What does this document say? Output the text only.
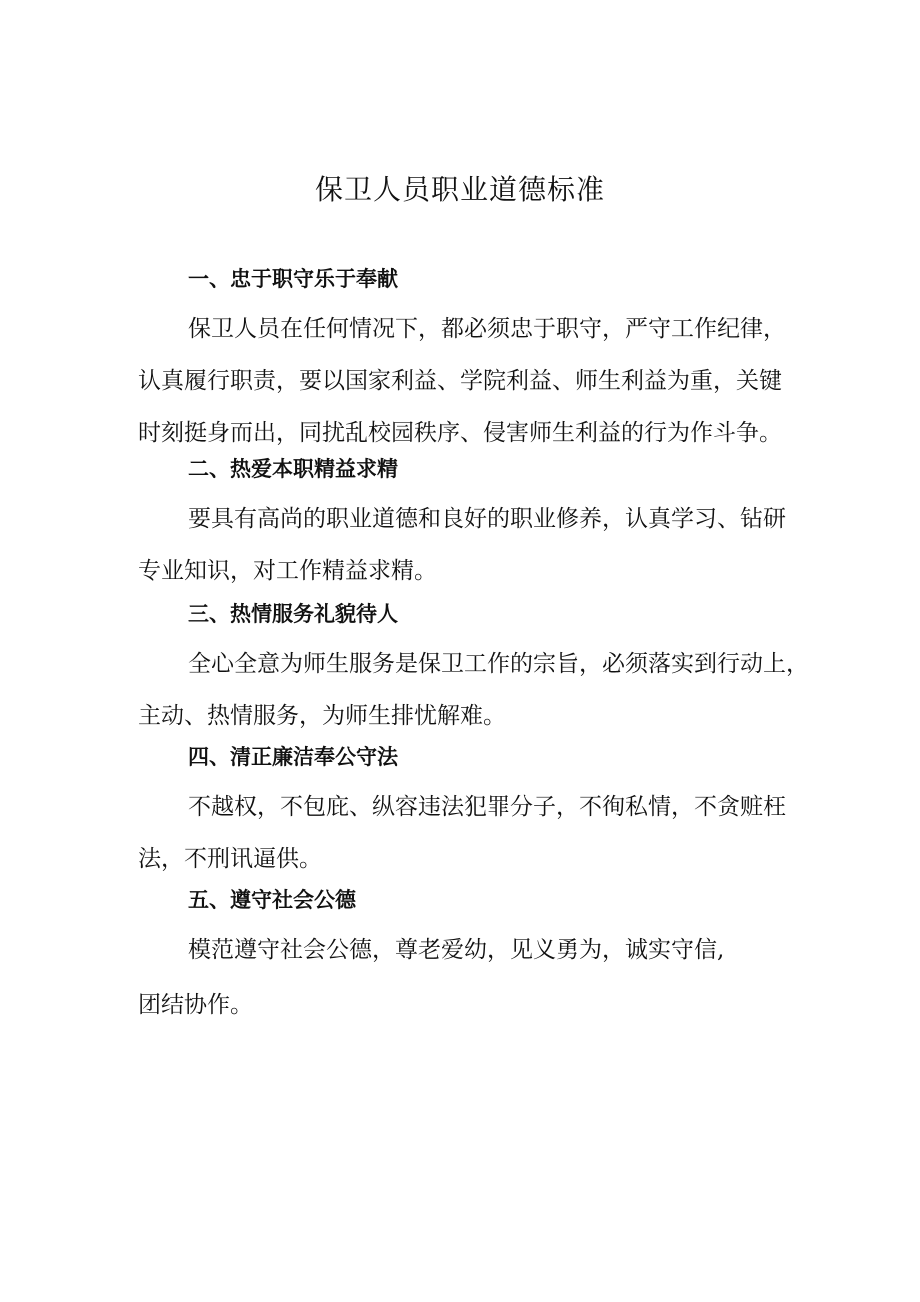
保卫人员职业道德标准
一、忠于职守乐于奉献
保卫人员在任何情况下，都必须忠于职守，严守工作纪律，
认真履行职责，要以国家利益、学院利益、师生利益为重，关键
时刻挺身而出，同扰乱校园秩序、侵害师生利益的行为作斗争。
二、热爱本职精益求精
要具有高尚的职业道德和良好的职业修养，认真学习、钻研
专业知识，对工作精益求精。
三、热情服务礼貌待人
全心全意为师生服务是保卫工作的宗旨，必须落实到行动上，
主动、热情服务，为师生排忧解难。
四、清正廉洁奉公守法
不越权，不包庇、纵容违法犯罪分子，不徇私情，不贪赃枉
法，不刑讯逼供。
五、遵守社会公德
模范遵守社会公德，尊老爱幼，见义勇为，诚实守信,
团结协作。
